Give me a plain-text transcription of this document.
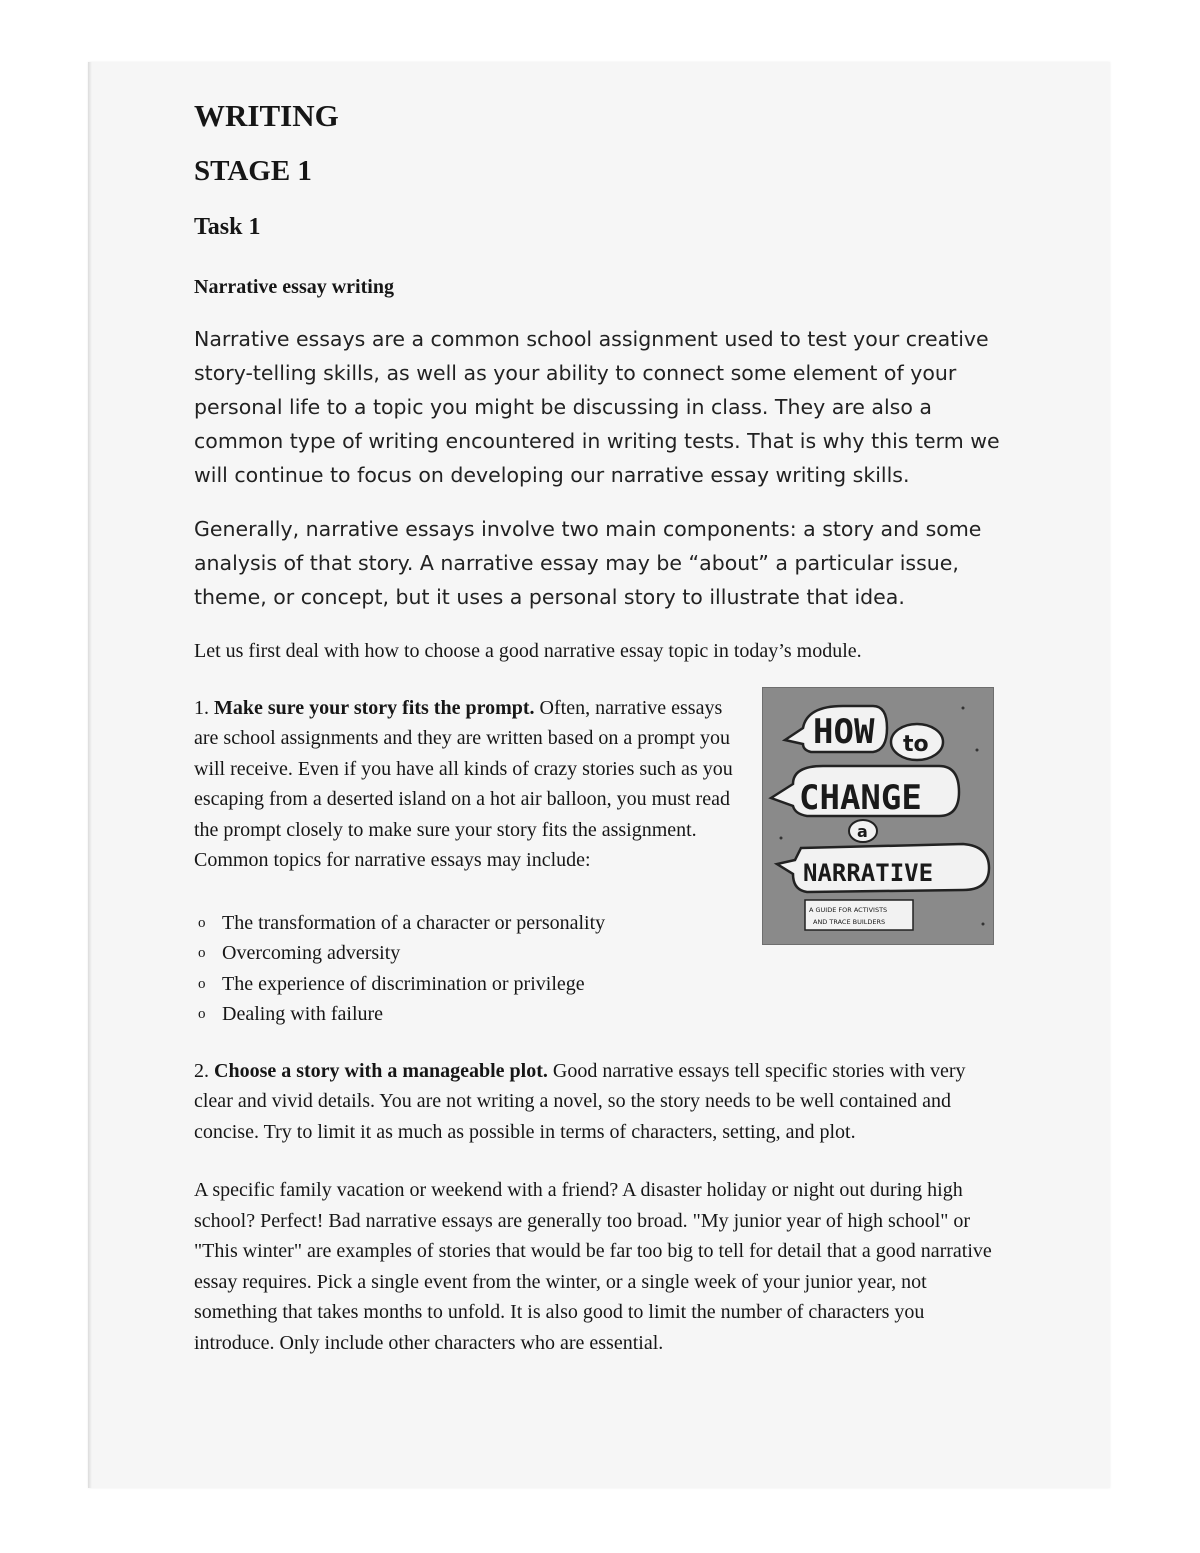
WRITING
STAGE 1
Task 1
Narrative essay writing

Narrative essays are a common school assignment used to test your creative story-telling skills, as well as your ability to connect some element of your personal life to a topic you might be discussing in class. They are also a common type of writing encountered in writing tests. That is why this term we will continue to focus on developing our narrative essay writing skills.

Generally, narrative essays involve two main components: a story and some analysis of that story. A narrative essay may be “about” a particular issue, theme, or concept, but it uses a personal story to illustrate that idea.

Let us first deal with how to choose a good narrative essay topic in today’s module.

1. Make sure your story fits the prompt. Often, narrative essays are school assignments and they are written based on a prompt you will receive. Even if you have all kinds of crazy stories such as you escaping from a deserted island on a hot air balloon, you must read the prompt closely to make sure your story fits the assignment. Common topics for narrative essays may include:

HOW to
CHANGE
a
NARRATIVE
A GUIDE FOR ACTIVISTS
AND TRACE BUILDERS
o The transformation of a character or personality
o Overcoming adversity
o The experience of discrimination or privilege
o Dealing with failure

2. Choose a story with a manageable plot. Good narrative essays tell specific stories with very clear and vivid details. You are not writing a novel, so the story needs to be well contained and concise. Try to limit it as much as possible in terms of characters, setting, and plot.

A specific family vacation or weekend with a friend? A disaster holiday or night out during high school? Perfect! Bad narrative essays are generally too broad. "My junior year of high school" or "This winter" are examples of stories that would be far too big to tell for detail that a good narrative essay requires. Pick a single event from the winter, or a single week of your junior year, not something that takes months to unfold. It is also good to limit the number of characters you introduce. Only include other characters who are essential.
